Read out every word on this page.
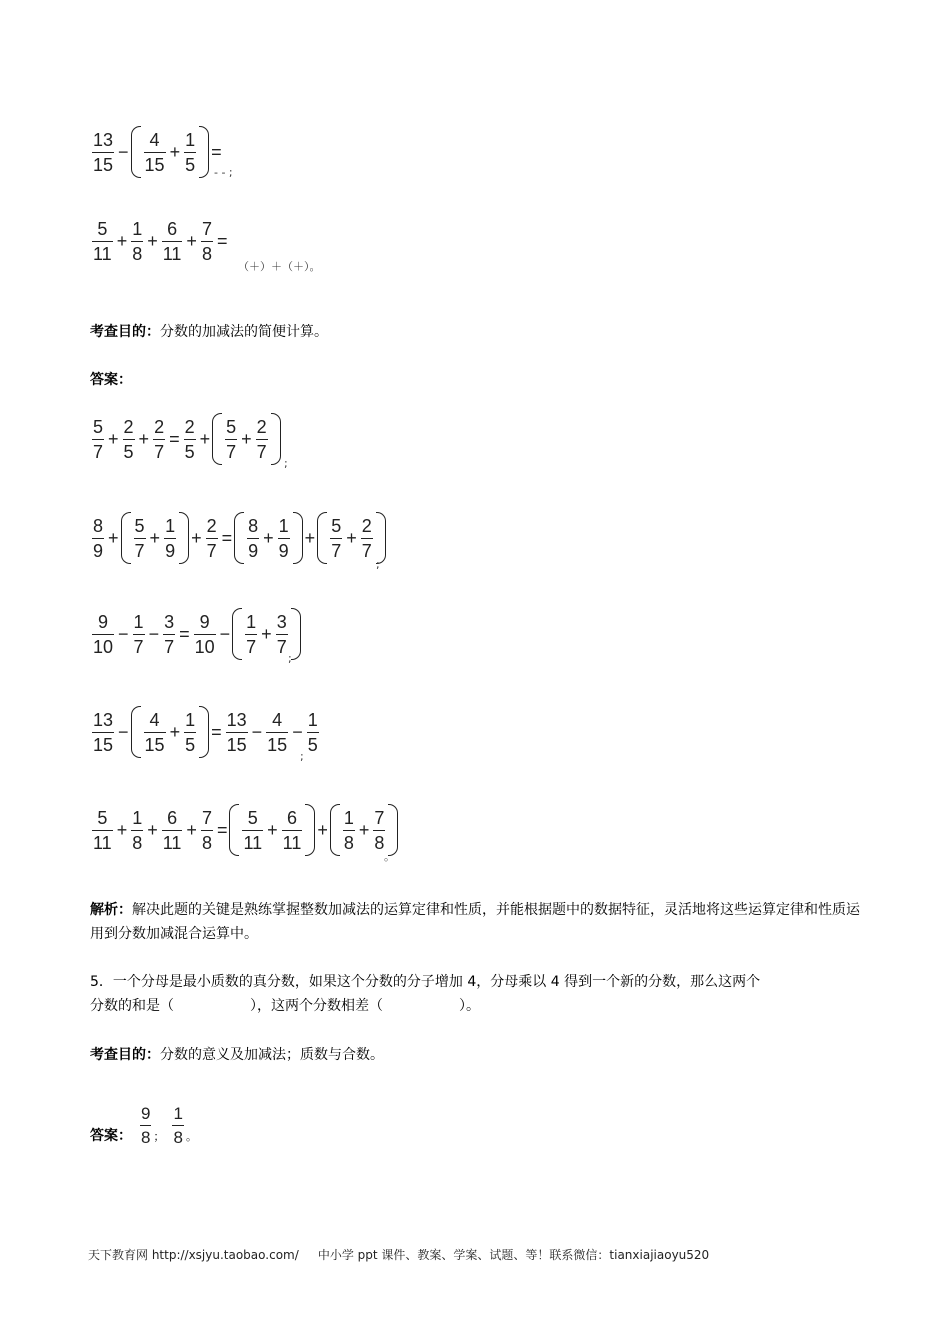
$\frac{13}{15} - \frac{4}{15} + \frac{1}{5}$ =
- - ;
$\frac{5}{11} + \frac{1}{8} + \frac{6}{11} + \frac{7}{8}$ =
（＋）＋（＋）。
考查目的：分数的加减法的简便计算。
答案：
$\frac{5}{7} + \frac{2}{5} + \frac{2}{7} = \frac{2}{5} + \frac{5}{7} + \frac{2}{7}$
;
$\frac{8}{9} + \frac{5}{7} + \frac{1}{9} + \frac{2}{7} = \frac{8}{9} + \frac{1}{9} + \frac{5}{7} + \frac{2}{7}$
;
$\frac{9}{10} - \frac{1}{7} - \frac{3}{7} = \frac{9}{10} - \frac{1}{7} + \frac{3}{7}$
;
$\frac{13}{15} - \frac{4}{15} + \frac{1}{5} = \frac{13}{15} - \frac{4}{15} - \frac{1}{5}$
;
$\frac{5}{11} + \frac{1}{8} + \frac{6}{11} + \frac{7}{8} = \frac{5}{11} + \frac{6}{11} + \frac{1}{8} + \frac{7}{8}$
。
解析：解决此题的关键是熟练掌握整数加减法的运算定律和性质，并能根据题中的数据特征，灵活地将这些运算定律和性质运用到分数加减混合运算中。
5．一个分母是最小质数的真分数，如果这个分数的分子增加 4，分母乘以 4 得到一个新的分数，那么这两个
分数的和是（	），这两个分数相差（	）。
考查目的：分数的意义及加减法；质数与合数。
答案： $\frac{9}{8}$ ； $\frac{1}{8}$ 。
天下教育网 http://xsjyu.taobao.com/     中小学 ppt 课件、教案、学案、试题、等！联系微信：tianxiajiaoyu520
